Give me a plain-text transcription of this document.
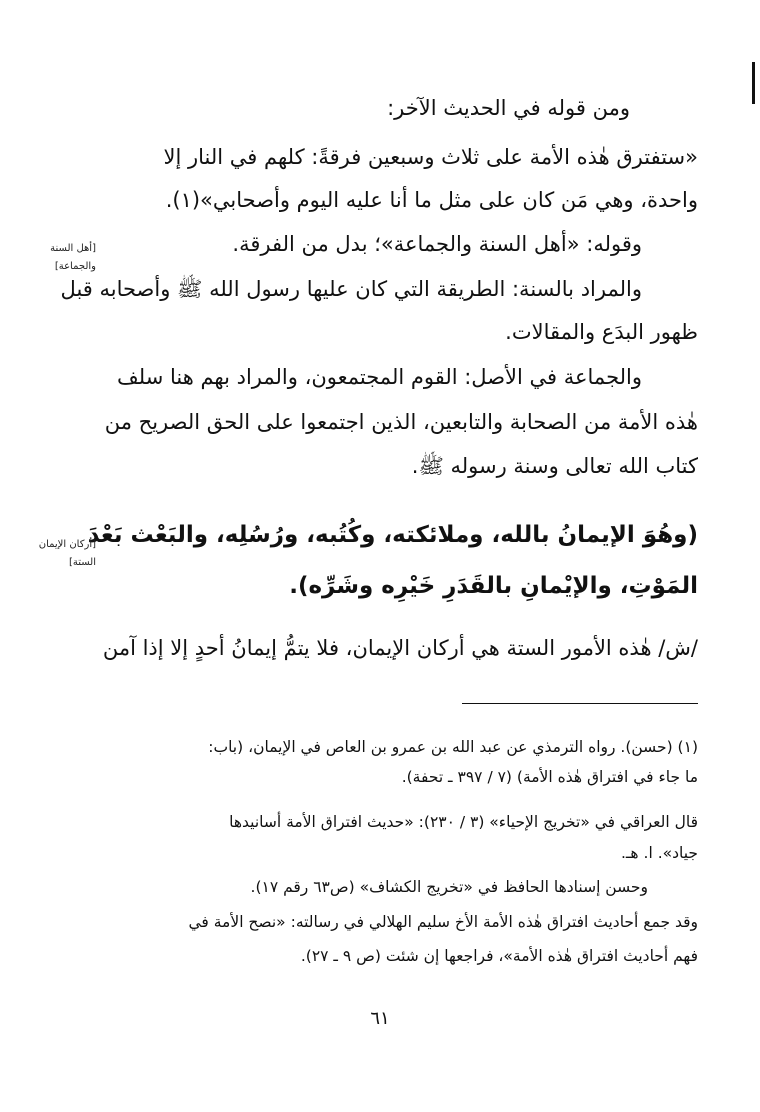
ومن قوله في الحديث الآخر:
«ستفترق هٰذه الأمة على ثلاث وسبعين فرقةً: كلهم في النار إلا
واحدة، وهي مَن كان على مثل ما أنا عليه اليوم وأصحابي»(١).
وقوله: «أهل السنة والجماعة»؛ بدل من الفرقة.
والمراد بالسنة: الطريقة التي كان عليها رسول الله ﷺ وأصحابه قبل
ظهور البدَع والمقالات.
والجماعة في الأصل: القوم المجتمعون، والمراد بهم هنا سلف
هٰذه الأمة من الصحابة والتابعين، الذين اجتمعوا على الحق الصريح من
كتاب الله تعالى وسنة رسوله ﷺ.
(وهُوَ الإيمانُ بالله، وملائكته، وكُتُبه، ورُسُلِه، والبَعْث بَعْدَ
المَوْتِ، والإيْمانِ بالقَدَرِ خَيْرِه وشَرِّه).
/ش/ هٰذه الأمور الستة هي أركان الإيمان، فلا يتمُّ إيمانُ أحدٍ إلا إذا آمن
[أهل السنة
والجماعة]
[أركان الإيمان
الستة]
(١) (حسن). رواه الترمذي عن عبد الله بن عمرو بن العاص في الإيمان، (باب:
ما جاء في افتراق هٰذه الأمة) (٧ / ٣٩٧ ـ تحفة).
قال العراقي في «تخريج الإحياء» (٣ / ٢٣٠): «حديث افتراق الأمة أسانيدها
جياد». ا. هـ.
وحسن إسنادها الحافظ في «تخريج الكشاف» (ص٦٣ رقم ١٧).
وقد جمع أحاديث افتراق هٰذه الأمة الأخ سليم الهلالي في رسالته: «نصح الأمة في
فهم أحاديث افتراق هٰذه الأمة»، فراجعها إن شئت (ص ٩ ـ ٢٧).
٦١
